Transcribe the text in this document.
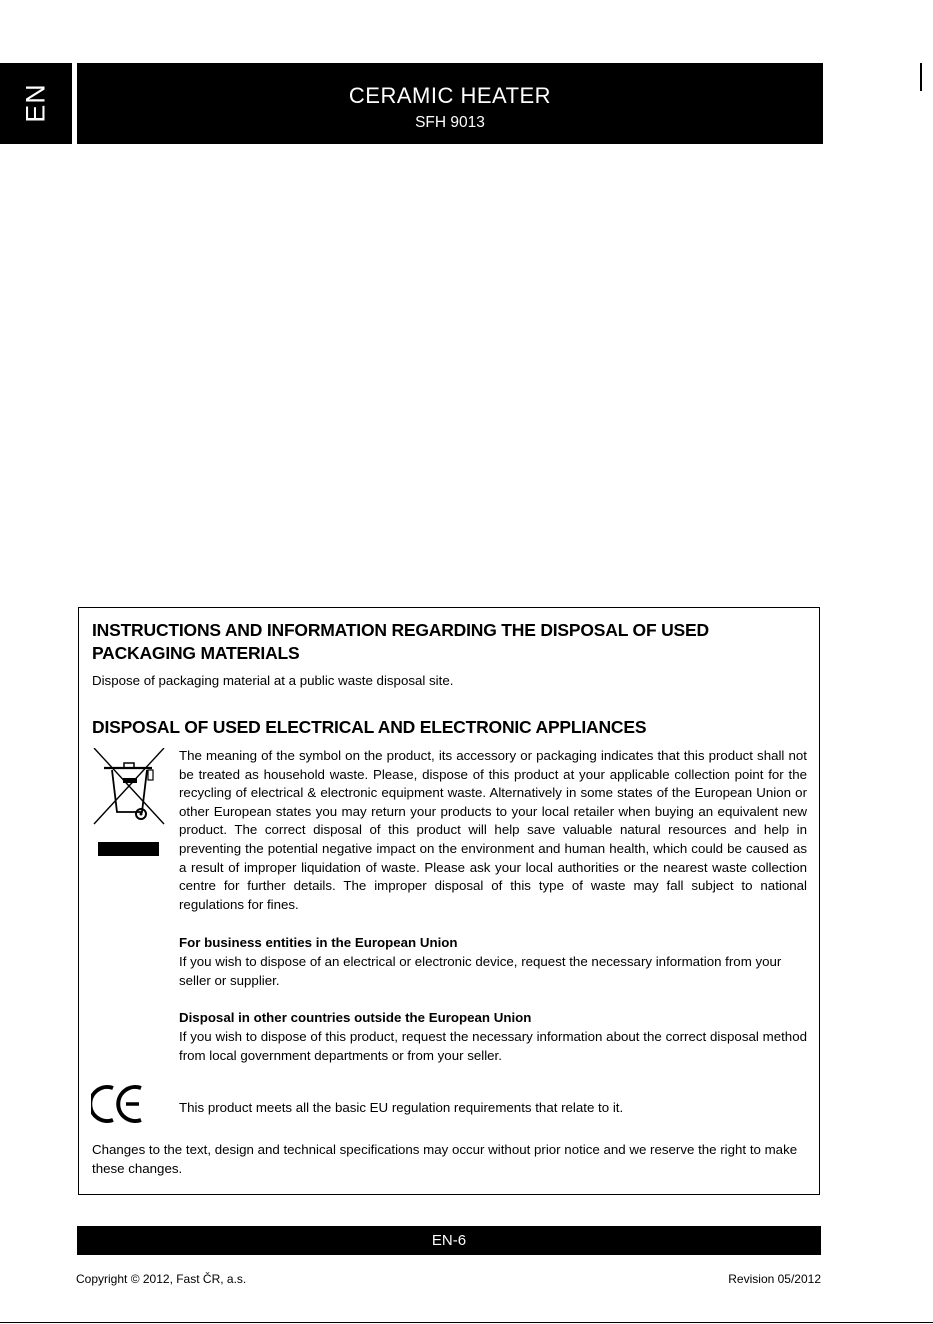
EN	CERAMIC HEATER
SFH 9013
INSTRUCTIONS AND INFORMATION REGARDING THE DISPOSAL OF USED
PACKAGING MATERIALS
Dispose of packaging material at a public waste disposal site.
DISPOSAL OF USED ELECTRICAL AND ELECTRONIC APPLIANCES
The meaning of the symbol on the product, its accessory or packaging indicates that this product shall not be treated as household waste. Please, dispose of this product at your applicable collection point for the recycling of electrical & electronic equipment waste. Alternatively in some states of the European Union or other European states you may return your products to your local retailer when buying an equivalent new product. The correct disposal of this product will help save valuable natural resources and help in preventing the potential negative impact on the environment and human health, which could be caused as a result of improper liquidation of waste. Please ask your local authorities or the nearest waste collection centre for further details. The improper disposal of this type of waste may fall subject to national regulations for fines.
For business entities in the European Union
If you wish to dispose of an electrical or electronic device, request the necessary information from your seller or supplier.
Disposal in other countries outside the European Union
If you wish to dispose of this product, request the necessary information about the correct disposal method from local government departments or from your seller.
This product meets all the basic EU regulation requirements that relate to it.
Changes to the text, design and technical specifications may occur without prior notice and we reserve the right to make these changes.
EN-6
Copyright © 2012, Fast ČR, a.s.	Revision 05/2012
